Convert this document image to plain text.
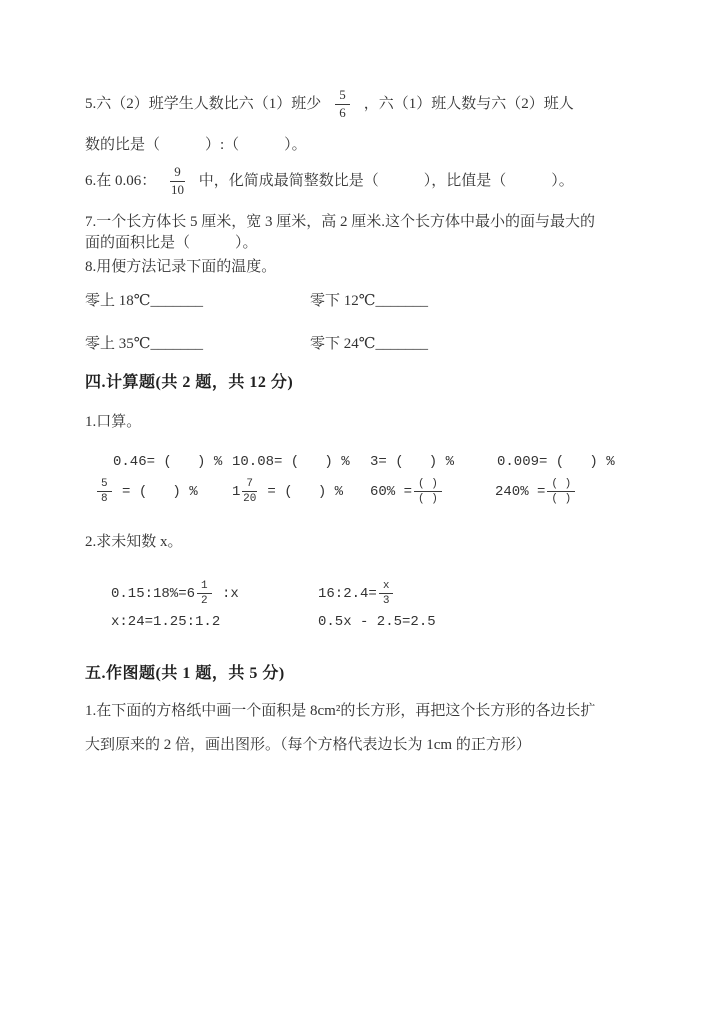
5.六（2）班学生人数比六（1）班少 $\frac{5}{6}$ ，六（1）班人数与六（2）班人
数的比是（　　　）:（　　　）。
6.在 0.06： $\frac{9}{10}$ 中，化简成最简整数比是（　　　），比值是（　　　）。
7.一个长方体长 5 厘米，宽 3 厘米，高 2 厘米.这个长方体中最小的面与最大的
面的面积比是（　　　）。
8.用便方法记录下面的温度。
零上 18℃_______	零下 12℃_______
零上 35℃_______	零下 24℃_______
四.计算题(共 2 题，共 12 分)
1.口算。
0.46= (   ) % 10.08= (   ) %	3= (   ) %	0.009= (   ) %
$\frac{5}{8}$ = (   ) % $1 \frac{7}{20}$ = (   ) % $60\% = \frac{( )}{( )}$	$240\% = \frac{( )}{( )}$
2.求未知数 x。
0.15:18%=6 $\frac{1}{2}$ :x	16:2.4= $\frac{x}{3}$
x:24=1.25:1.2	0.5x - 2.5=2.5
五.作图题(共 1 题，共 5 分)
1.在下面的方格纸中画一个面积是 8cm²的长方形，再把这个长方形的各边长扩
大到原来的 2 倍，画出图形。（每个方格代表边长为 1cm 的正方形）
